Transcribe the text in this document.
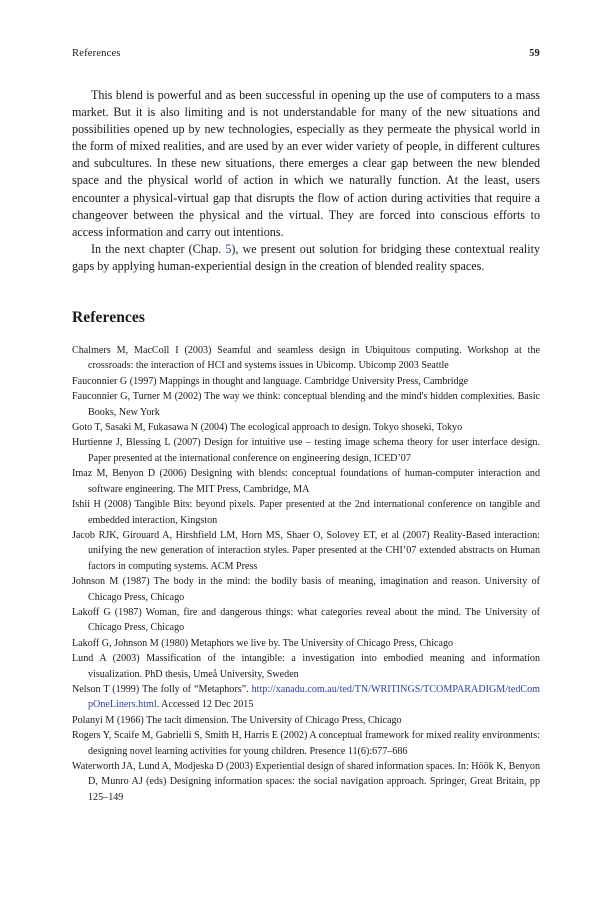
References	59

This blend is powerful and as been successful in opening up the use of computers to a mass market. But it is also limiting and is not understandable for many of the new situations and possibilities opened up by new technologies, especially as they permeate the physical world in the form of mixed realities, and are used by an ever wider variety of people, in different cultures and subcultures. In these new situations, there emerges a clear gap between the new blended space and the physical world of action in which we naturally function. At the least, users encounter a physical-virtual gap that disrupts the flow of action during activities that require a changeover between the physical and the virtual. They are forced into conscious efforts to access information and carry out intentions.

In the next chapter (Chap. 5), we present out solution for bridging these contextual reality gaps by applying human-experiential design in the creation of blended reality spaces.

References
Chalmers M, MacColl I (2003) Seamful and seamless design in Ubiquitous computing. Workshop at the crossroads: the interaction of HCI and systems issues in Ubicomp. Ubicomp 2003 Seattle
Fauconnier G (1997) Mappings in thought and language. Cambridge University Press, Cambridge
Fauconnier G, Turner M (2002) The way we think: conceptual blending and the mind's hidden complexities. Basic Books, New York
Goto T, Sasaki M, Fukasawa N (2004) The ecological approach to design. Tokyo shoseki, Tokyo
Hurtienne J, Blessing L (2007) Design for intuitive use – testing image schema theory for user interface design. Paper presented at the international conference on engineering design, ICED’07
Imaz M, Benyon D (2006) Designing with blends: conceptual foundations of human-computer interaction and software engineering. The MIT Press, Cambridge, MA
Ishii H (2008) Tangible Bits: beyond pixels. Paper presented at the 2nd international conference on tangible and embedded interaction, Kingston
Jacob RJK, Girouard A, Hirshfield LM, Horn MS, Shaer O, Solovey ET, et al (2007) Reality-Based interaction: unifying the new generation of interaction styles. Paper presented at the CHI’07 extended abstracts on Human factors in computing systems. ACM Press
Johnson M (1987) The body in the mind: the bodily basis of meaning, imagination and reason. University of Chicago Press, Chicago
Lakoff G (1987) Woman, fire and dangerous things: what categories reveal about the mind. The University of Chicago Press, Chicago
Lakoff G, Johnson M (1980) Metaphors we live by. The University of Chicago Press, Chicago
Lund A (2003) Massification of the intangible: a investigation into embodied meaning and information visualization. PhD thesis, Umeå University, Sweden
Nelson T (1999) The folly of “Metaphors”. http://xanadu.com.au/ted/TN/WRITINGS/TCOMPARADIGM/tedCompOneLiners.html. Accessed 12 Dec 2015
Polanyi M (1966) The tacit dimension. The University of Chicago Press, Chicago
Rogers Y, Scaife M, Gabrielli S, Smith H, Harris E (2002) A conceptual framework for mixed reality environments: designing novel learning activities for young children. Presence 11(6):677–686
Waterworth JA, Lund A, Modjeska D (2003) Experiential design of shared information spaces. In: Höök K, Benyon D, Munro AJ (eds) Designing information spaces: the social navigation approach. Springer, Great Britain, pp 125–149
